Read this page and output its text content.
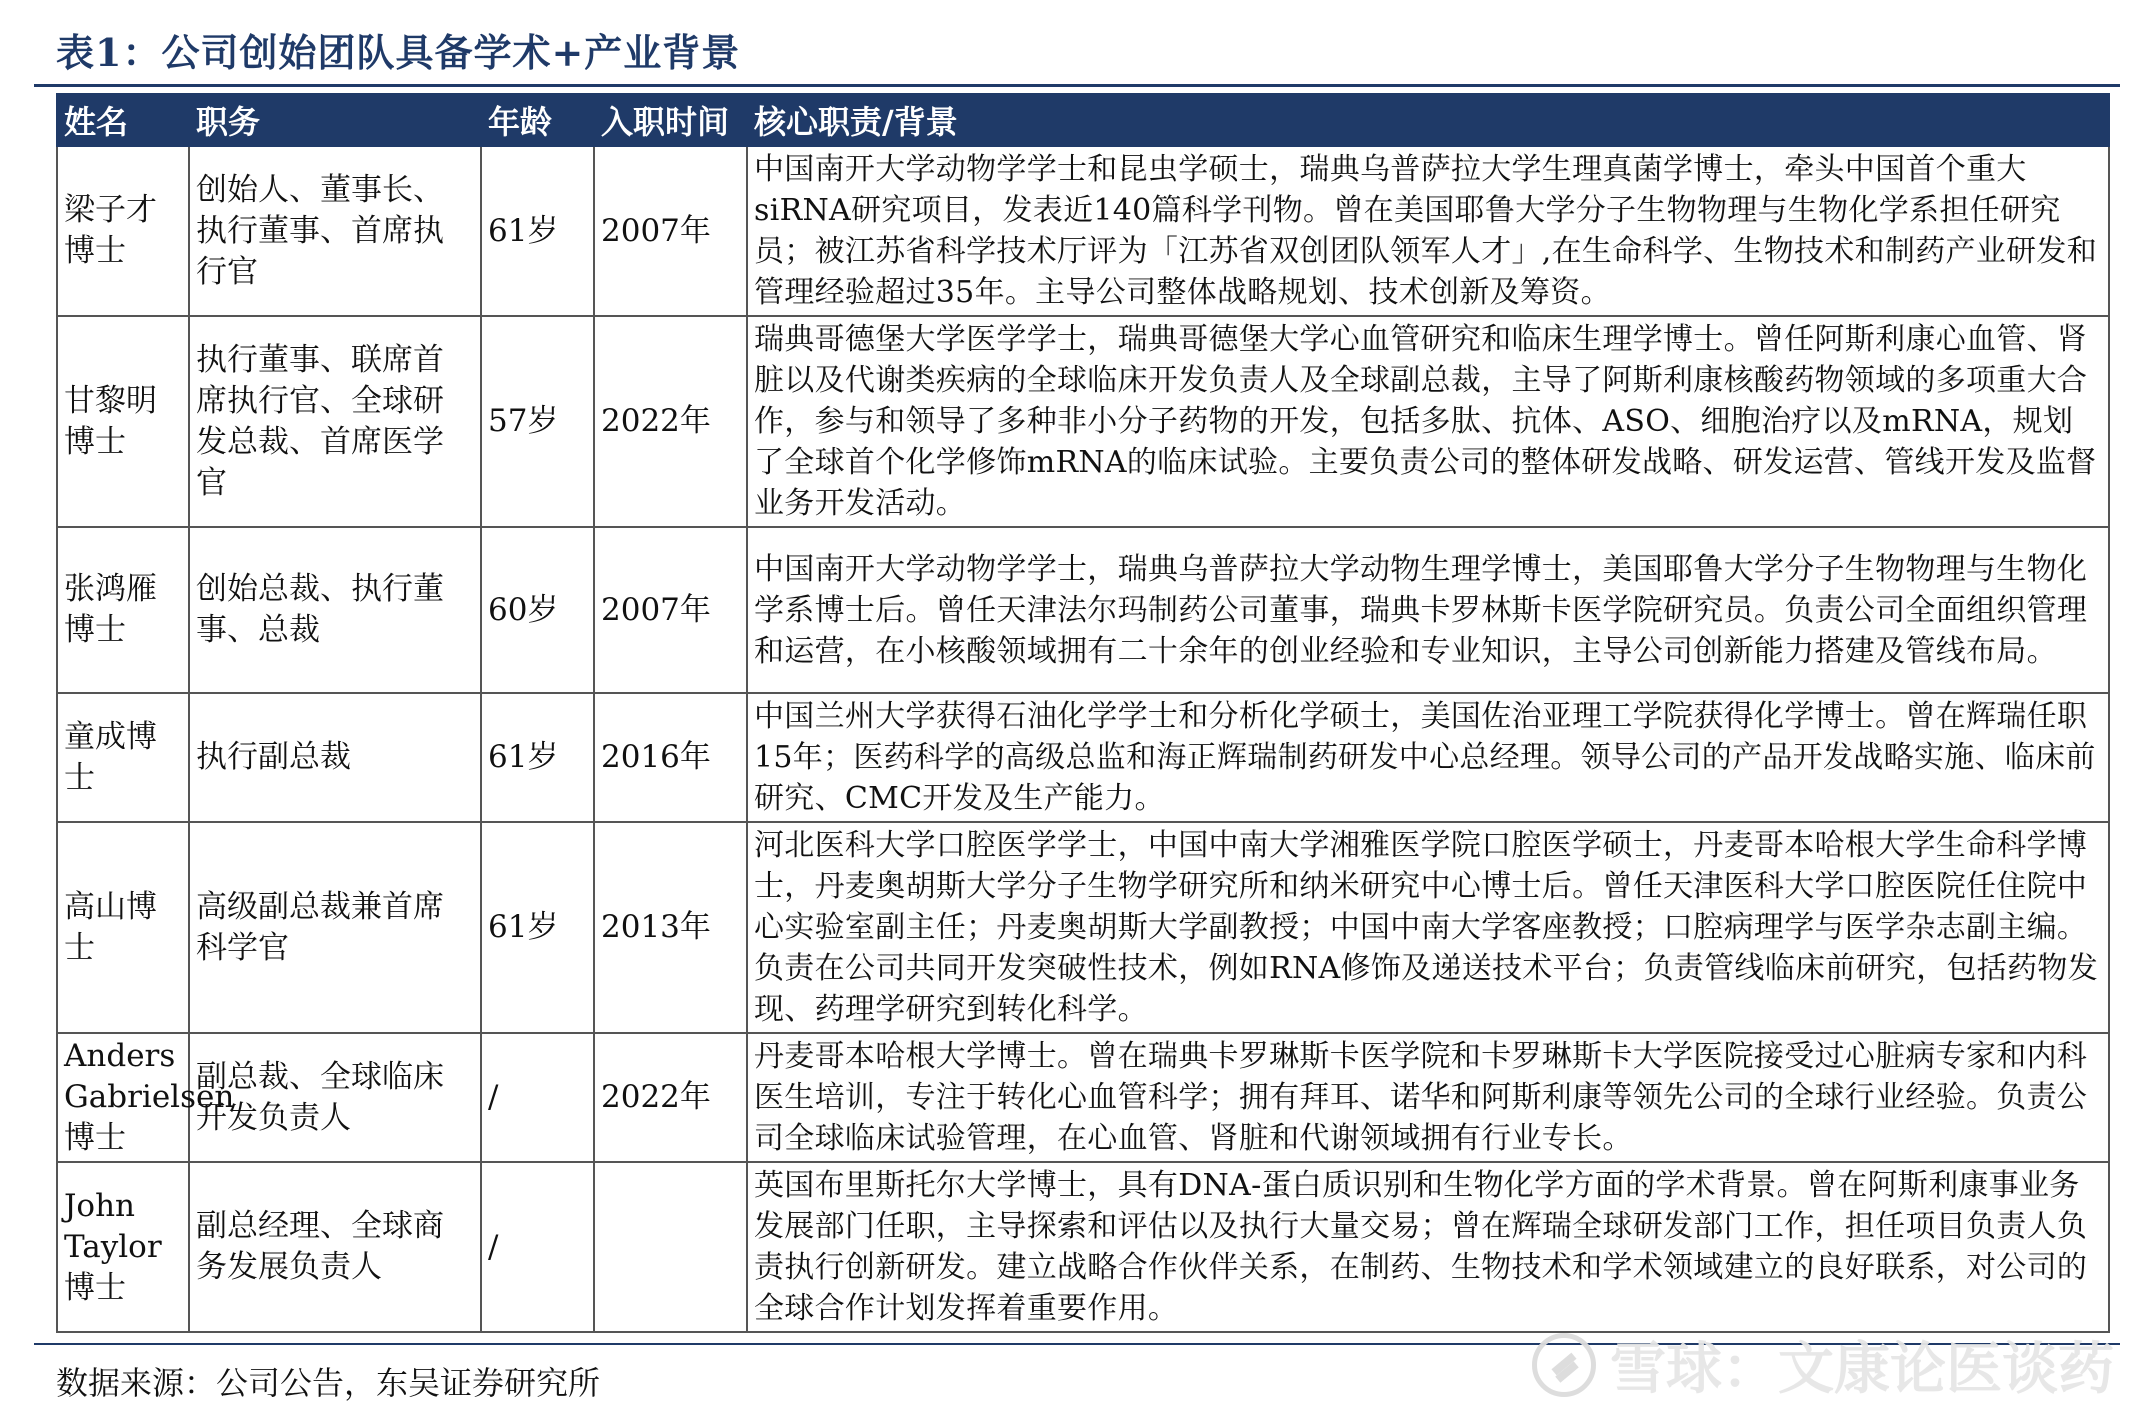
表1：公司创始团队具备学术+产业背景
姓名	职务	年龄	入职时间	核心职责/背景
梁子才博士	创始人、董事长、执行董事、首席执行官	61岁	2007年	中国南开大学动物学学士和昆虫学硕士，瑞典乌普萨拉大学生理真菌学博士，牵头中国首个重大siRNA研究项目，发表近140篇科学刊物。曾在美国耶鲁大学分子生物物理与生物化学系担任研究员；被江苏省科学技术厅评为「江苏省双创团队领军人才」,在生命科学、生物技术和制药产业研发和管理经验超过35年。主导公司整体战略规划、技术创新及筹资。
甘黎明博士	执行董事、联席首席执行官、全球研发总裁、首席医学官	57岁	2022年	瑞典哥德堡大学医学学士，瑞典哥德堡大学心血管研究和临床生理学博士。曾任阿斯利康心血管、肾脏以及代谢类疾病的全球临床开发负责人及全球副总裁，主导了阿斯利康核酸药物领域的多项重大合作，参与和领导了多种非小分子药物的开发，包括多肽、抗体、ASO、细胞治疗以及mRNA，规划了全球首个化学修饰mRNA的临床试验。主要负责公司的整体研发战略、研发运营、管线开发及监督业务开发活动。
张鸿雁博士	创始总裁、执行董事、总裁	60岁	2007年	中国南开大学动物学学士，瑞典乌普萨拉大学动物生理学博士，美国耶鲁大学分子生物物理与生物化学系博士后。曾任天津法尔玛制药公司董事，瑞典卡罗林斯卡医学院研究员。负责公司全面组织管理和运营，在小核酸领域拥有二十余年的创业经验和专业知识，主导公司创新能力搭建及管线布局。
童成博士	执行副总裁	61岁	2016年	中国兰州大学获得石油化学学士和分析化学硕士，美国佐治亚理工学院获得化学博士。曾在辉瑞任职15年；医药科学的高级总监和海正辉瑞制药研发中心总经理。领导公司的产品开发战略实施、临床前研究、CMC开发及生产能力。
高山博士	高级副总裁兼首席科学官	61岁	2013年	河北医科大学口腔医学学士，中国中南大学湘雅医学院口腔医学硕士，丹麦哥本哈根大学生命科学博士，丹麦奥胡斯大学分子生物学研究所和纳米研究中心博士后。曾任天津医科大学口腔医院任住院中心实验室副主任；丹麦奥胡斯大学副教授；中国中南大学客座教授；口腔病理学与医学杂志副主编。负责在公司共同开发突破性技术，例如RNA修饰及递送技术平台；负责管线临床前研究，包括药物发现、药理学研究到转化科学。
Anders Gabrielsen博士	副总裁、全球临床开发负责人	/	2022年	丹麦哥本哈根大学博士。曾在瑞典卡罗琳斯卡医学院和卡罗琳斯卡大学医院接受过心脏病专家和内科医生培训，专注于转化心血管科学；拥有拜耳、诺华和阿斯利康等领先公司的全球行业经验。负责公司全球临床试验管理，在心血管、肾脏和代谢领域拥有行业专长。
John Taylor博士	副总经理、全球商务发展负责人	/		英国布里斯托尔大学博士，具有DNA-蛋白质识别和生物化学方面的学术背景。曾在阿斯利康事业务发展部门任职，主导探索和评估以及执行大量交易；曾在辉瑞全球研发部门工作，担任项目负责人负责执行创新研发。建立战略合作伙伴关系，在制药、生物技术和学术领域建立的良好联系，对公司的全球合作计划发挥着重要作用。
数据来源：公司公告，东吴证券研究所	雪球：文康论医谈药
